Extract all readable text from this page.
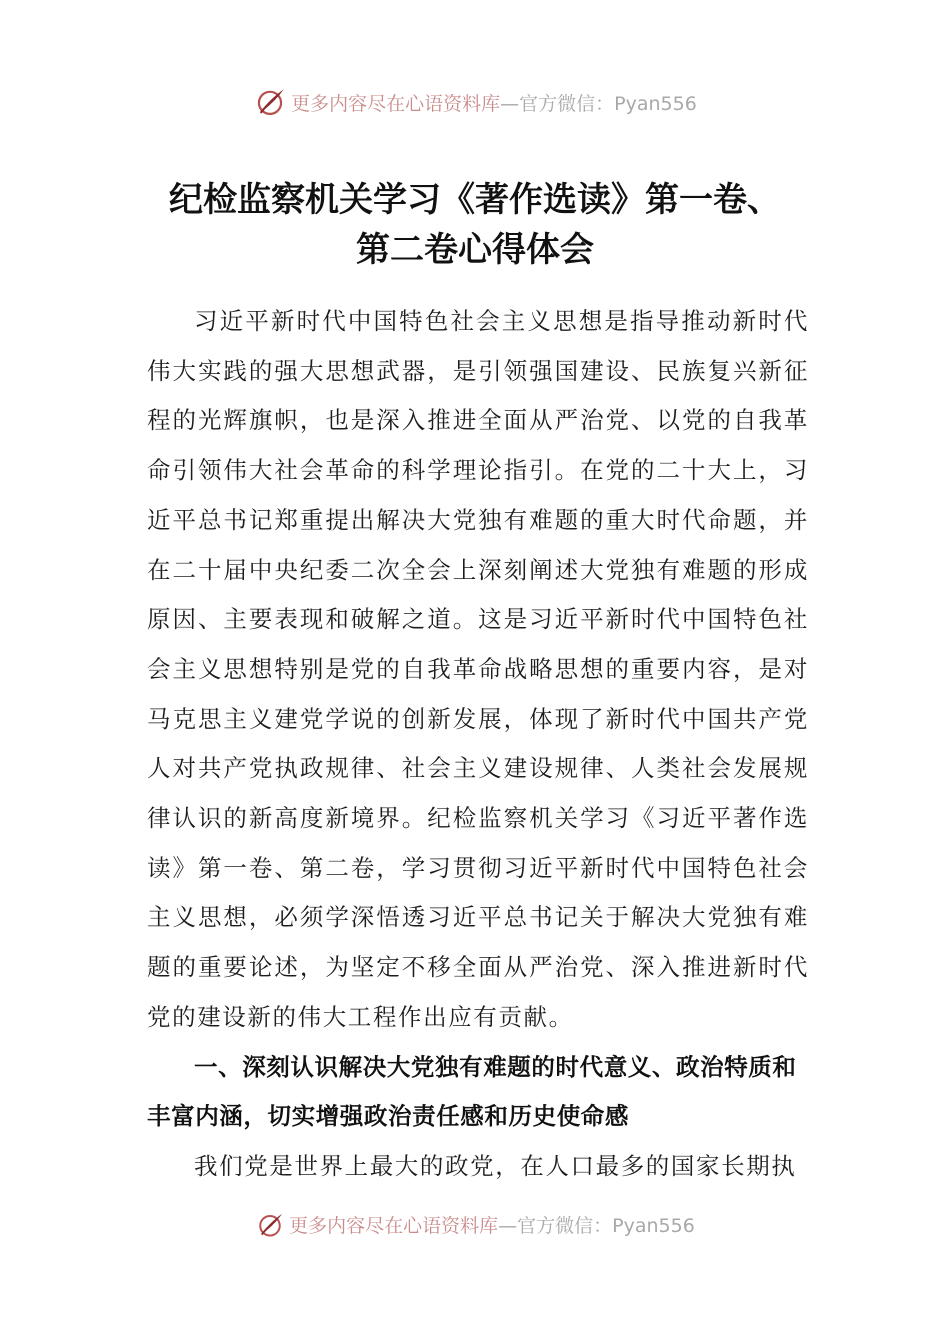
更多内容尽在心语资料库—官方微信：Pyan556
纪检监察机关学习《著作选读》第一卷、
第二卷心得体会

习近平新时代中国特色社会主义思想是指导推动新时代伟大实践的强大思想武器，是引领强国建设、民族复兴新征程的光辉旗帜，也是深入推进全面从严治党、以党的自我革命引领伟大社会革命的科学理论指引。在党的二十大上，习近平总书记郑重提出解决大党独有难题的重大时代命题，并在二十届中央纪委二次全会上深刻阐述大党独有难题的形成原因、主要表现和破解之道。这是习近平新时代中国特色社会主义思想特别是党的自我革命战略思想的重要内容，是对马克思主义建党学说的创新发展，体现了新时代中国共产党人对共产党执政规律、社会主义建设规律、人类社会发展规律认识的新高度新境界。纪检监察机关学习《习近平著作选读》第一卷、第二卷，学习贯彻习近平新时代中国特色社会主义思想，必须学深悟透习近平总书记关于解决大党独有难题的重要论述，为坚定不移全面从严治党、深入推进新时代党的建设新的伟大工程作出应有贡献。

一、深刻认识解决大党独有难题的时代意义、政治特质和丰富内涵，切实增强政治责任感和历史使命感

我们党是世界上最大的政党，在人口最多的国家长期执

更多内容尽在心语资料库—官方微信：Pyan556
